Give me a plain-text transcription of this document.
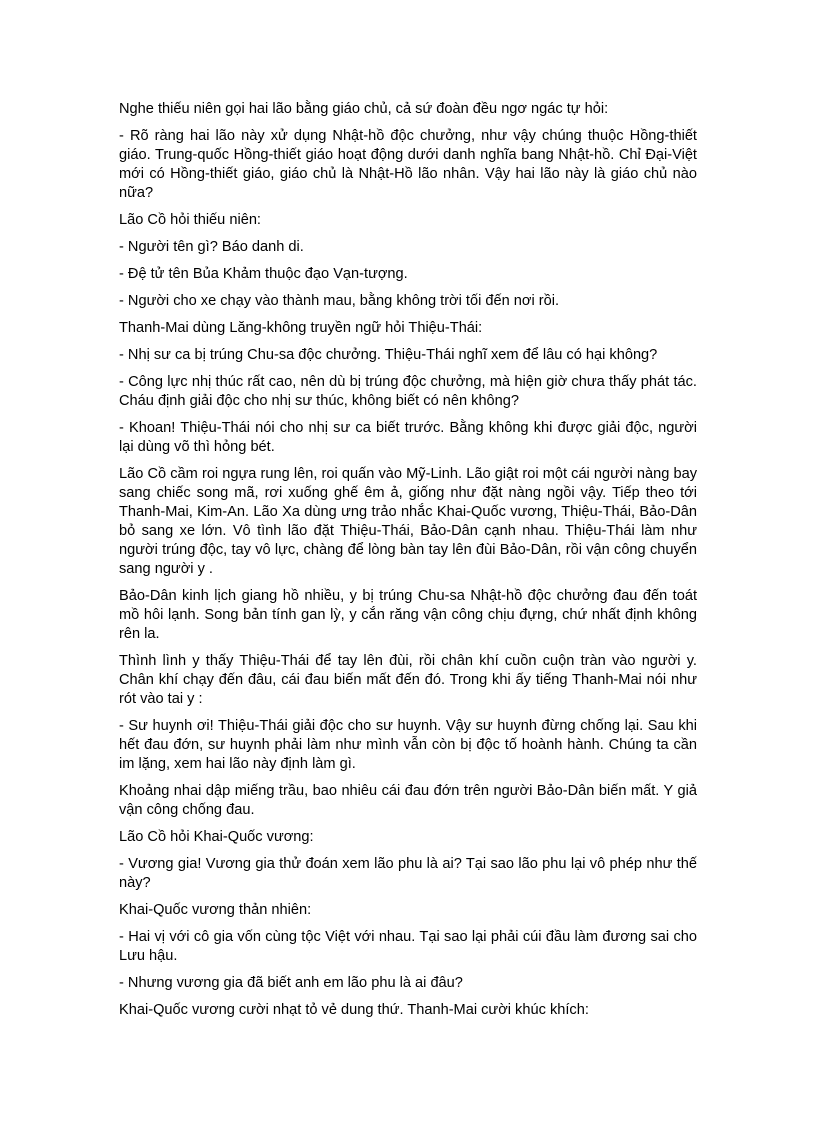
Nghe thiếu niên gọi hai lão bằng giáo chủ, cả sứ đoàn đều ngơ ngác tự hỏi:

- Rõ ràng hai lão này xử dụng Nhật-hồ độc chưởng, như vậy chúng thuộc Hồng-thiết giáo. Trung-quốc Hồng-thiết giáo hoạt động dưới danh nghĩa bang Nhật-hồ. Chỉ Đại-Việt mới có Hồng-thiết giáo, giáo chủ là Nhật-Hồ lão nhân. Vậy hai lão này là giáo chủ nào nữa?

Lão Cồ hỏi thiếu niên:

- Người tên gì? Báo danh di.

- Đệ tử tên Bủa Khảm thuộc đạo Vạn-tượng.

- Người cho xe chạy vào thành mau, bằng không trời tối đến nơi rồi.

Thanh-Mai dùng Lăng-không truyền ngữ hỏi Thiệu-Thái:

- Nhị sư ca bị trúng Chu-sa độc chưởng. Thiệu-Thái nghĩ xem để lâu có hại không?

- Công lực nhị thúc rất cao, nên dù bị trúng độc chưởng, mà hiện giờ chưa thấy phát tác. Cháu định giải độc cho nhị sư thúc, không biết có nên không?

- Khoan! Thiệu-Thái nói cho nhị sư ca biết trước. Bằng không khi được giải độc, người lại dùng võ thì hỏng bét.

Lão Cồ cầm roi ngựa rung lên, roi quấn vào Mỹ-Linh. Lão giật roi một cái người nàng bay sang chiếc song mã, rơi xuống ghế êm ả, giống như đặt nàng ngồi vậy. Tiếp theo tới Thanh-Mai, Kim-An. Lão Xa dùng ưng trảo nhắc Khai-Quốc vương, Thiệu-Thái, Bảo-Dân bỏ sang xe lớn. Vô tình lão đặt Thiệu-Thái, Bảo-Dân cạnh nhau. Thiệu-Thái làm như người trúng độc, tay vô lực, chàng để lòng bàn tay lên đùi Bảo-Dân, rồi vận công chuyển sang người y .

Bảo-Dân kinh lịch giang hồ nhiều, y bị trúng Chu-sa Nhật-hồ độc chưởng đau đến toát mồ hôi lạnh. Song bản tính gan lỳ, y cắn răng vận công chịu đựng, chứ nhất định không rên la.

Thình lình y thấy Thiệu-Thái để tay lên đùi, rồi chân khí cuồn cuộn tràn vào người y. Chân khí chạy đến đâu, cái đau biến mất đến đó. Trong khi ấy tiếng Thanh-Mai nói như rót vào tai y :

- Sư huynh ơi! Thiệu-Thái giải độc cho sư huynh. Vậy sư huynh đừng chống lại. Sau khi hết đau đớn, sư huynh phải làm như mình vẫn còn bị độc tố hoành hành. Chúng ta cần im lặng, xem hai lão này định làm gì.

Khoảng nhai dập miếng trầu, bao nhiêu cái đau đớn trên người Bảo-Dân biến mất. Y giả vận công chống đau.

Lão Cồ hỏi Khai-Quốc vương:

- Vương gia! Vương gia thử đoán xem lão phu là ai? Tại sao lão phu lại vô phép như thế này?

Khai-Quốc vương thản nhiên:

- Hai vị với cô gia vốn cùng tộc Việt với nhau. Tại sao lại phải cúi đầu làm đương sai cho Lưu hậu.

- Nhưng vương gia đã biết anh em lão phu là ai đâu?

Khai-Quốc vương cười nhạt tỏ vẻ dung thứ. Thanh-Mai cười khúc khích:
